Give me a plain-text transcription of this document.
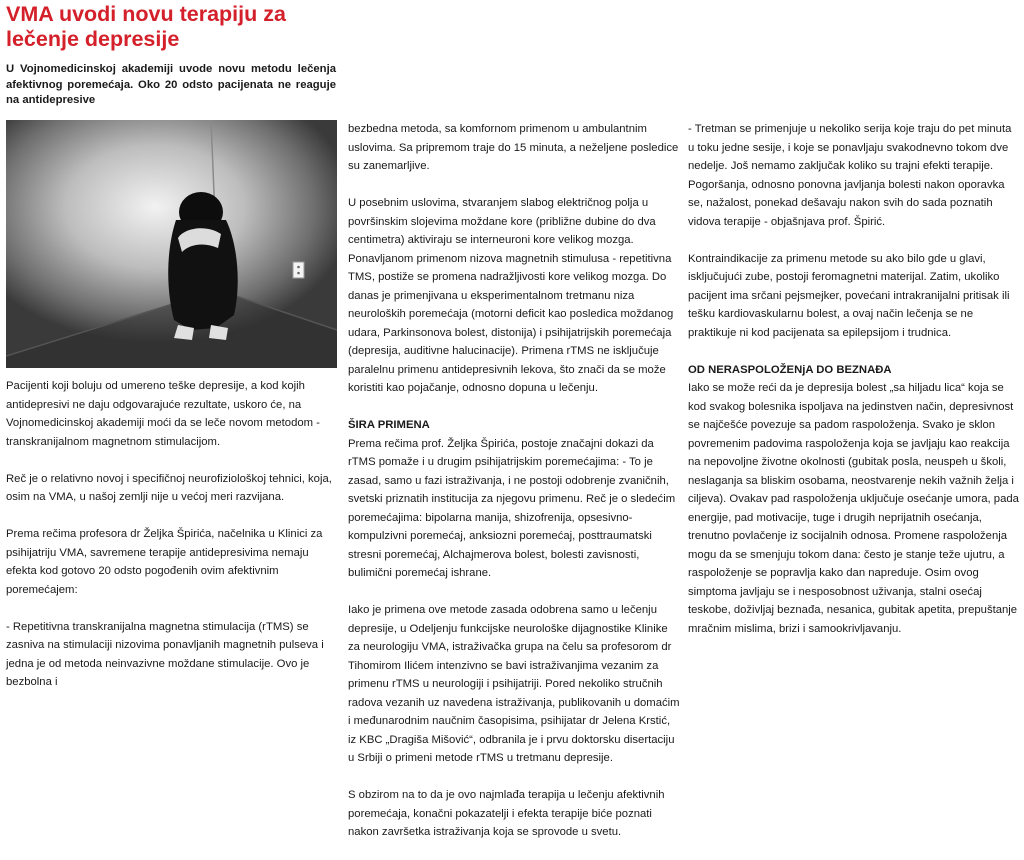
VMA uvodi novu terapiju za lečenje depresije

U Vojnomedicinskoj akademiji uvode novu metodu lečenja afektivnog poremećaja. Oko 20 odsto pacijenata ne reaguje na antidepresive

Pacijenti koji boluju od umereno teške depresije, a kod kojih antidepresivi ne daju odgovarajuće rezultate, uskoro će, na Vojnomedicinskoj akademiji moći da se leče novom metodom - transkranijalnom magnetnom stimulacijom.

Reč je o relativno novoj i specifičnoj neurofiziološkoj tehnici, koja, osim na VMA, u našoj zemlji nije u većoj meri razvijana.

Prema rečima profesora dr Željka Špirića, načelnika u Klinici za psihijatriju VMA, savremene terapije antidepresivima nemaju efekta kod gotovo 20 odsto pogođenih ovim afektivnim poremećajem:

- Repetitivna transkranijalna magnetna stimulacija (rTMS) se zasniva na stimulaciji nizovima ponavljanih magnetnih pulseva i jedna je od metoda neinvazivne moždane stimulacije. Ovo je bezbolna i

bezbedna metoda, sa komfornom primenom u ambulantnim uslovima. Sa pripremom traje do 15 minuta, a neželjene posledice su zanemarljive.

U posebnim uslovima, stvaranjem slabog električnog polja u površinskim slojevima moždane kore (približne dubine do dva centimetra) aktiviraju se interneuroni kore velikog mozga. Ponavljanom primenom nizova magnetnih stimulusa - repetitivna TMS, postiže se promena nadražljivosti kore velikog mozga. Do danas je primenjivana u eksperimentalnom tretmanu niza neuroloških poremećaja (motorni deficit kao posledica moždanog udara, Parkinsonova bolest, distonija) i psihijatrijskih poremećaja (depresija, auditivne halucinacije). Primena rTMS ne isključuje paralelnu primenu antidepresivnih lekova, što znači da se može koristiti kao pojačanje, odnosno dopuna u lečenju.

ŠIRA PRIMENA

Prema rečima prof. Željka Špirića, postoje značajni dokazi da rTMS pomaže i u drugim psihijatrijskim poremećajima: - To je zasad, samo u fazi istraživanja, i ne postoji odobrenje zvaničnih, svetski priznatih institucija za njegovu primenu. Reč je o sledećim poremećajima: bipolarna manija, shizofrenija, opsesivno-kompulzivni poremećaj, anksiozni poremećaj, posttraumatski stresni poremećaj, Alchajmerova bolest, bolesti zavisnosti, bulimični poremećaj ishrane.

Iako je primena ove metode zasada odobrena samo u lečenju depresije, u Odeljenju funkcijske neurološke dijagnostike Klinike za neurologiju VMA, istraživačka grupa na čelu sa profesorom dr Tihomirom Ilićem intenzivno se bavi istraživanjima vezanim za primenu rTMS u neurologiji i psihijatriji. Pored nekoliko stručnih radova vezanih uz navedena istraživanja, publikovanih u domaćim i međunarodnim naučnim časopisima, psihijatar dr Jelena Krstić, iz KBC „Dragiša Mišović“, odbranila je i prvu doktorsku disertaciju u Srbiji o primeni metode rTMS u tretmanu depresije.

S obzirom na to da je ovo najmlađa terapija u lečenju afektivnih poremećaja, konačni pokazatelji i efekta terapije biće poznati nakon završetka istraživanja koja se sprovode u svetu.

- Tretman se primenjuje u nekoliko serija koje traju do pet minuta u toku jedne sesije, i koje se ponavljaju svakodnevno tokom dve nedelje. Još nemamo zaključak koliko su trajni efekti terapije. Pogoršanja, odnosno ponovna javljanja bolesti nakon oporavka se, nažalost, ponekad dešavaju nakon svih do sada poznatih vidova terapije - objašnjava prof. Špirić.

Kontraindikacije za primenu metode su ako bilo gde u glavi, isključujući zube, postoji feromagnetni materijal. Zatim, ukoliko pacijent ima srčani pejsmejker, povećani intrakranijalni pritisak ili tešku kardiovaskularnu bolest, a ovaj način lečenja se ne praktikuje ni kod pacijenata sa epilepsijom i trudnica.

OD NERASPOLOŽENjA DO BEZNAĐA

Iako se može reći da je depresija bolest „sa hiljadu lica“ koja se kod svakog bolesnika ispoljava na jedinstven način, depresivnost se najčešće povezuje sa padom raspoloženja. Svako je sklon povremenim padovima raspoloženja koja se javljaju kao reakcija na nepovoljne životne okolnosti (gubitak posla, neuspeh u školi, neslaganja sa bliskim osobama, neostvarenje nekih važnih želja i ciljeva). Ovakav pad raspoloženja uključuje osećanje umora, pada energije, pad motivacije, tuge i drugih neprijatnih osećanja, trenutno povlačenje iz socijalnih odnosa. Promene raspoloženja mogu da se smenjuju tokom dana: često je stanje teže ujutru, a raspoloženje se popravlja kako dan napreduje. Osim ovog simptoma javljaju se i nesposobnost uživanja, stalni osećaj teskobe, doživljaj beznađa, nesanica, gubitak apetita, prepuštanje mračnim mislima, brizi i samookrivljavanju.
